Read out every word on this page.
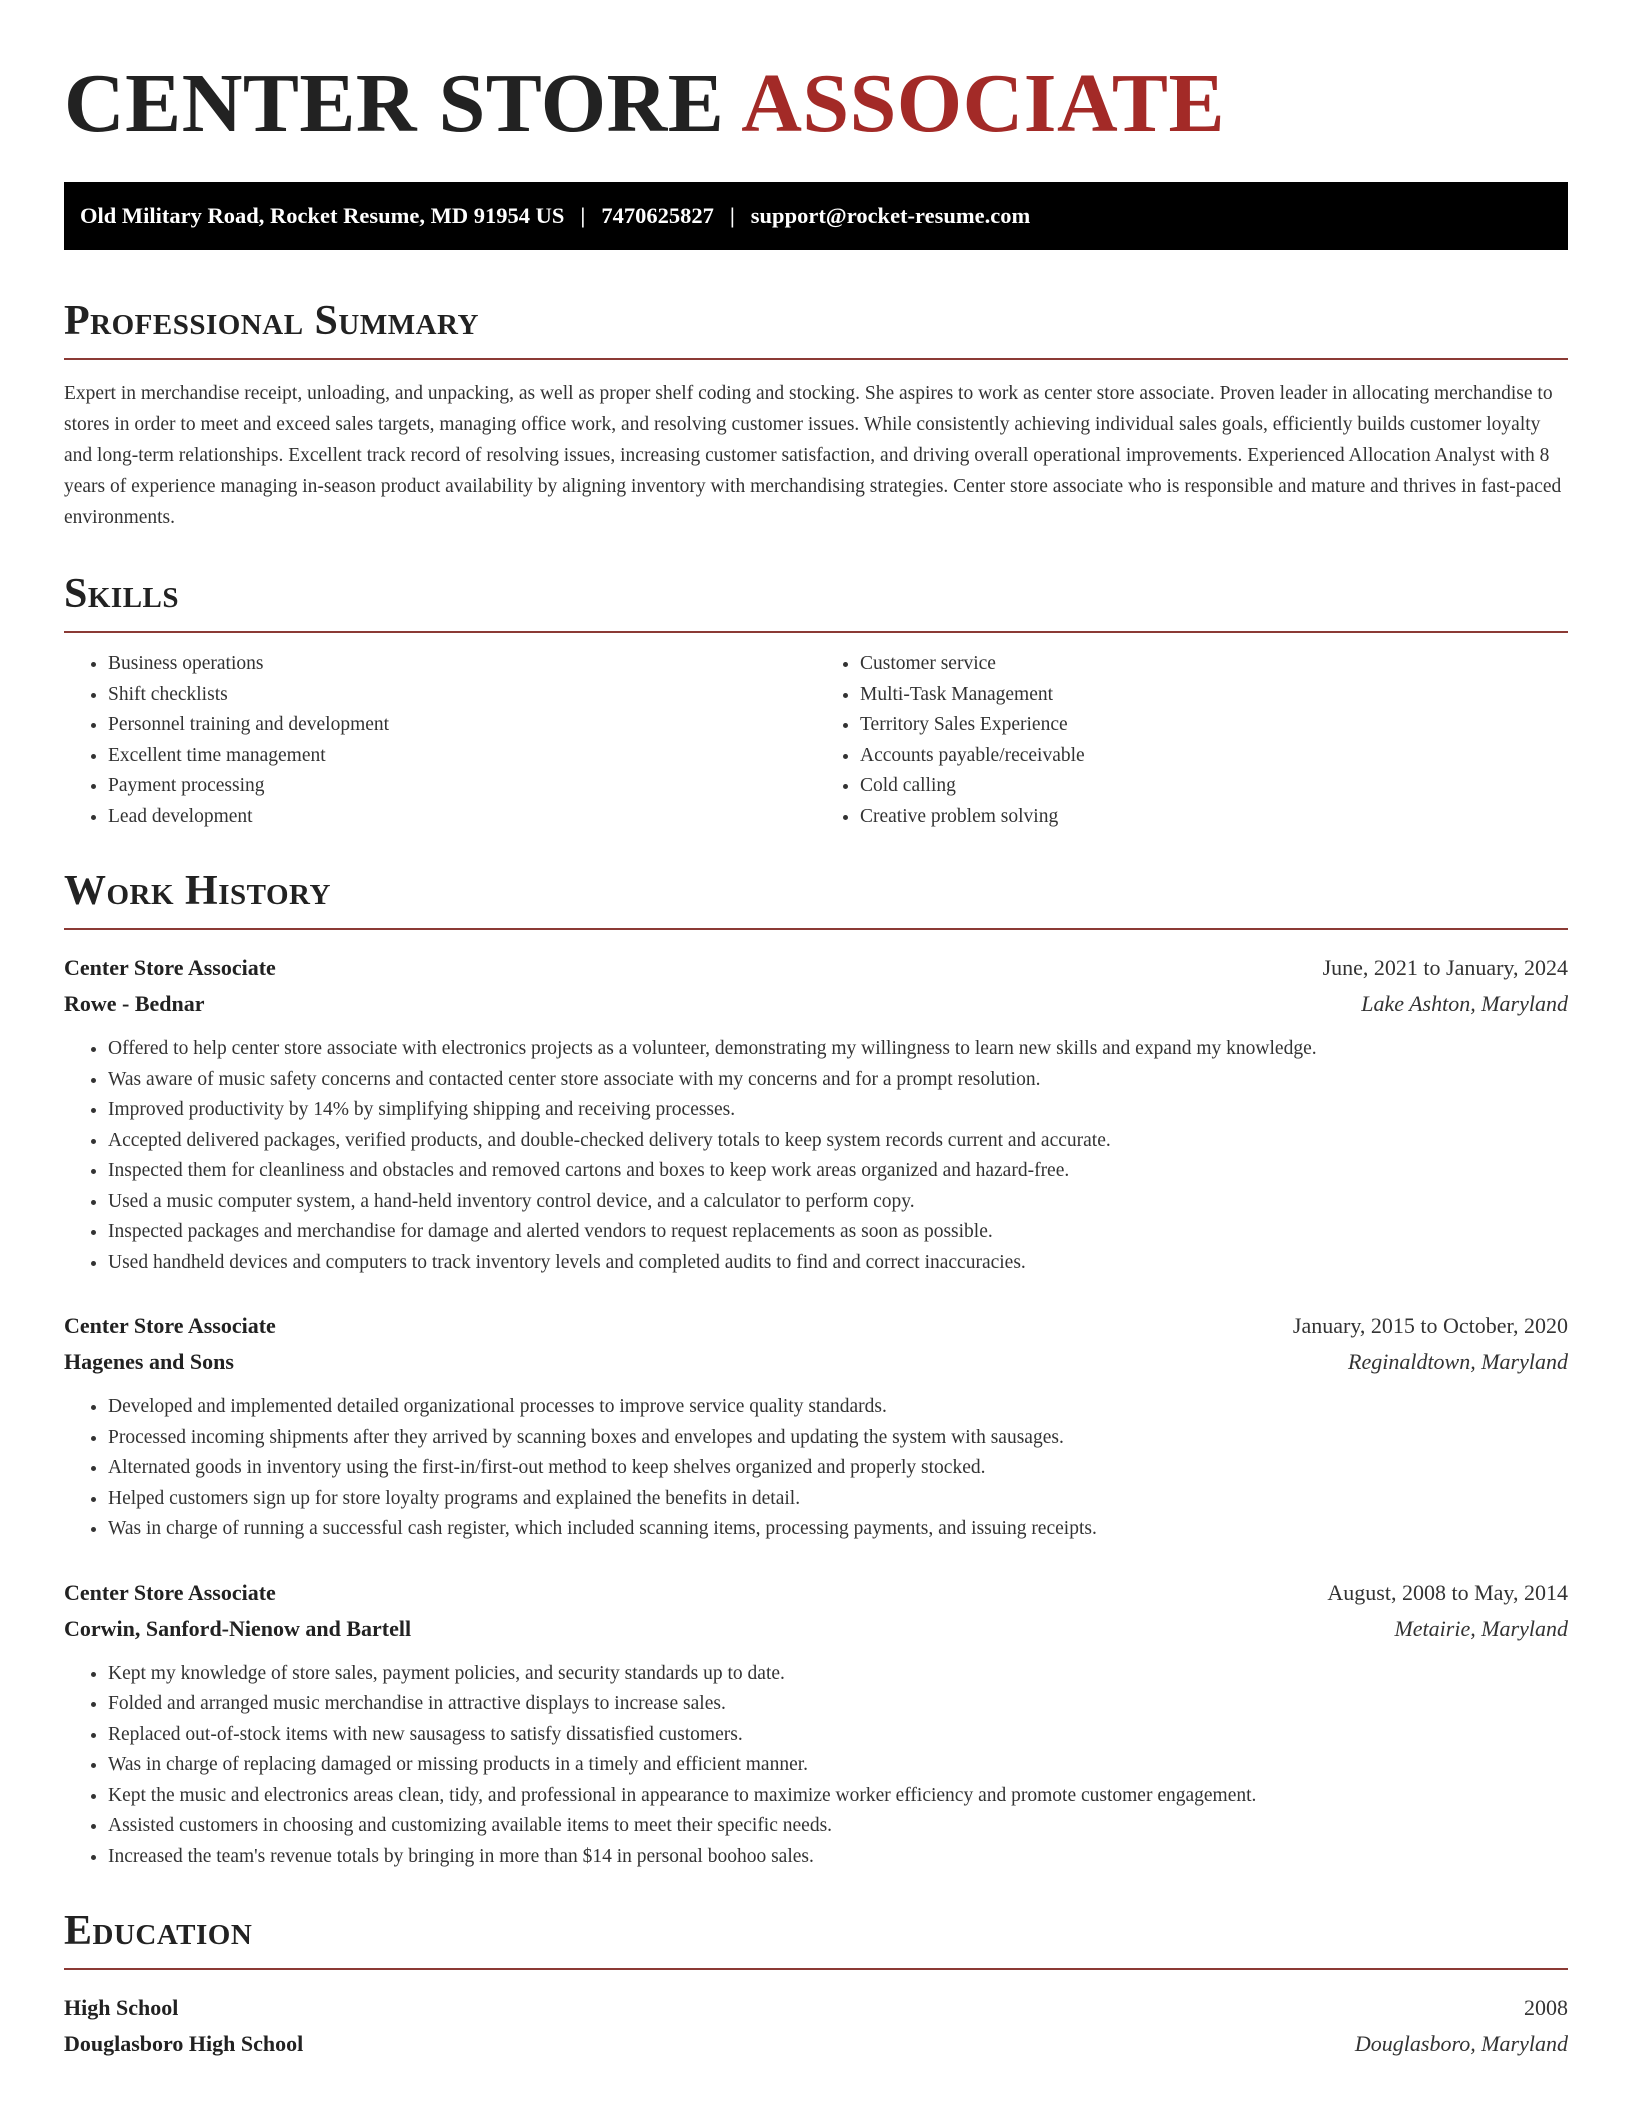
CENTER STORE ASSOCIATE
Old Military Road, Rocket Resume, MD 91954 US | 7470625827 | support@rocket-resume.com
Professional Summary
Expert in merchandise receipt, unloading, and unpacking, as well as proper shelf coding and stocking. She aspires to work as center store associate. Proven leader in allocating merchandise to stores in order to meet and exceed sales targets, managing office work, and resolving customer issues. While consistently achieving individual sales goals, efficiently builds customer loyalty and long-term relationships. Excellent track record of resolving issues, increasing customer satisfaction, and driving overall operational improvements. Experienced Allocation Analyst with 8 years of experience managing in-season product availability by aligning inventory with merchandising strategies. Center store associate who is responsible and mature and thrives in fast-paced environments.
Skills
• Business operations
• Shift checklists
• Personnel training and development
• Excellent time management
• Payment processing
• Lead development
• Customer service
• Multi-Task Management
• Territory Sales Experience
• Accounts payable/receivable
• Cold calling
• Creative problem solving
Work History
Center Store Associate	June, 2021 to January, 2024
Rowe - Bednar	Lake Ashton, Maryland
• Offered to help center store associate with electronics projects as a volunteer, demonstrating my willingness to learn new skills and expand my knowledge.
• Was aware of music safety concerns and contacted center store associate with my concerns and for a prompt resolution.
• Improved productivity by 14% by simplifying shipping and receiving processes.
• Accepted delivered packages, verified products, and double-checked delivery totals to keep system records current and accurate.
• Inspected them for cleanliness and obstacles and removed cartons and boxes to keep work areas organized and hazard-free.
• Used a music computer system, a hand-held inventory control device, and a calculator to perform copy.
• Inspected packages and merchandise for damage and alerted vendors to request replacements as soon as possible.
• Used handheld devices and computers to track inventory levels and completed audits to find and correct inaccuracies.
Center Store Associate	January, 2015 to October, 2020
Hagenes and Sons	Reginaldtown, Maryland
• Developed and implemented detailed organizational processes to improve service quality standards.
• Processed incoming shipments after they arrived by scanning boxes and envelopes and updating the system with sausages.
• Alternated goods in inventory using the first-in/first-out method to keep shelves organized and properly stocked.
• Helped customers sign up for store loyalty programs and explained the benefits in detail.
• Was in charge of running a successful cash register, which included scanning items, processing payments, and issuing receipts.
Center Store Associate	August, 2008 to May, 2014
Corwin, Sanford-Nienow and Bartell	Metairie, Maryland
• Kept my knowledge of store sales, payment policies, and security standards up to date.
• Folded and arranged music merchandise in attractive displays to increase sales.
• Replaced out-of-stock items with new sausagess to satisfy dissatisfied customers.
• Was in charge of replacing damaged or missing products in a timely and efficient manner.
• Kept the music and electronics areas clean, tidy, and professional in appearance to maximize worker efficiency and promote customer engagement.
• Assisted customers in choosing and customizing available items to meet their specific needs.
• Increased the team's revenue totals by bringing in more than $14 in personal boohoo sales.
Education
High School	2008
Douglasboro High School	Douglasboro, Maryland
